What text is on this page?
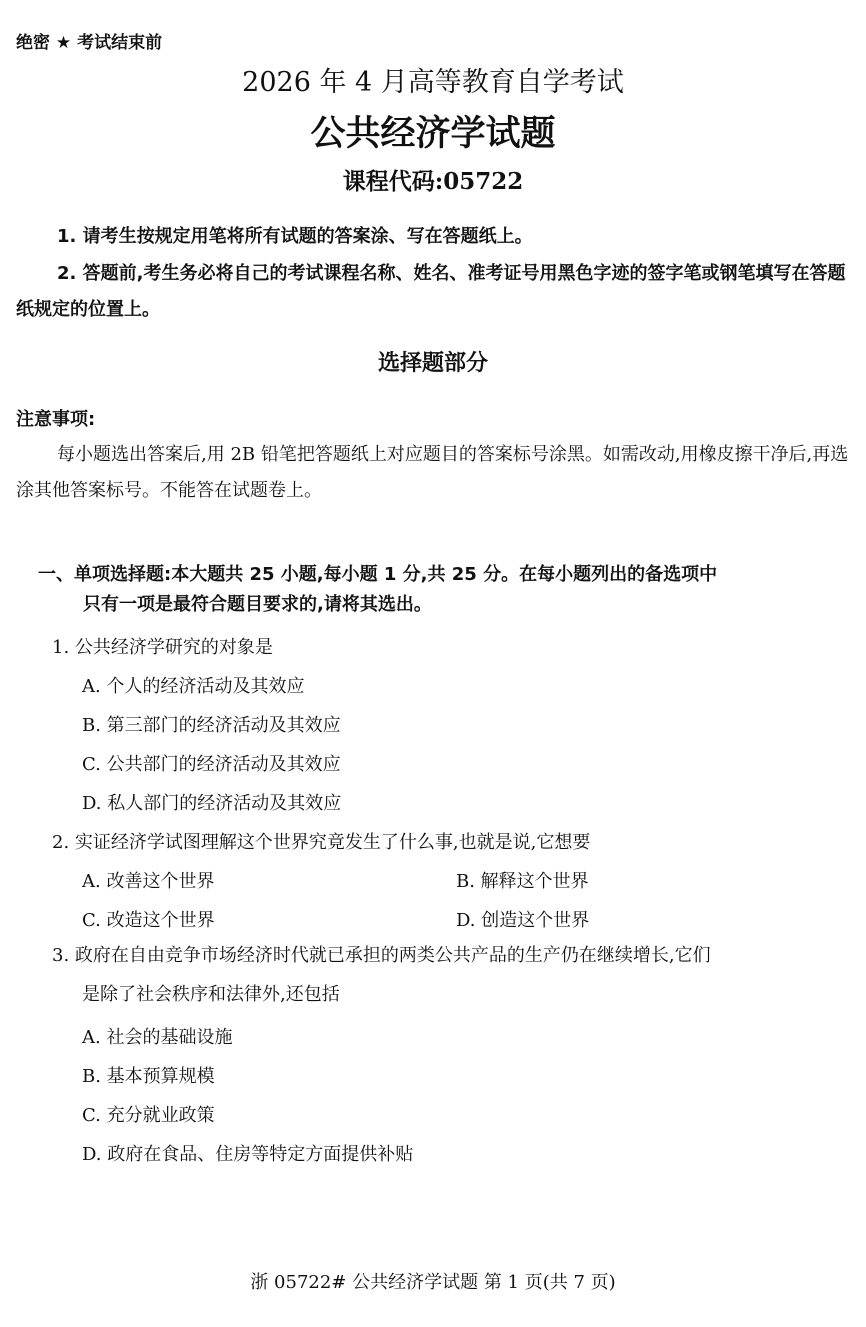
绝密 ★ 考试结束前
2026 年 4 月高等教育自学考试
公共经济学试题
课程代码:05722
1. 请考生按规定用笔将所有试题的答案涂、写在答题纸上。
2. 答题前,考生务必将自己的考试课程名称、姓名、准考证号用黑色字迹的签字笔或钢笔填写在答题纸规定的位置上。
选择题部分
注意事项:
每小题选出答案后,用 2B 铅笔把答题纸上对应题目的答案标号涂黑。如需改动,用橡皮擦干净后,再选涂其他答案标号。不能答在试题卷上。
一、单项选择题:本大题共 25 小题,每小题 1 分,共 25 分。在每小题列出的备选项中
只有一项是最符合题目要求的,请将其选出。
1. 公共经济学研究的对象是
A. 个人的经济活动及其效应
B. 第三部门的经济活动及其效应
C. 公共部门的经济活动及其效应
D. 私人部门的经济活动及其效应
2. 实证经济学试图理解这个世界究竟发生了什么事,也就是说,它想要
A. 改善这个世界	B. 解释这个世界
C. 改造这个世界	D. 创造这个世界
3. 政府在自由竞争市场经济时代就已承担的两类公共产品的生产仍在继续增长,它们
是除了社会秩序和法律外,还包括
A. 社会的基础设施
B. 基本预算规模
C. 充分就业政策
D. 政府在食品、住房等特定方面提供补贴
浙 05722# 公共经济学试题 第 1 页(共 7 页)
